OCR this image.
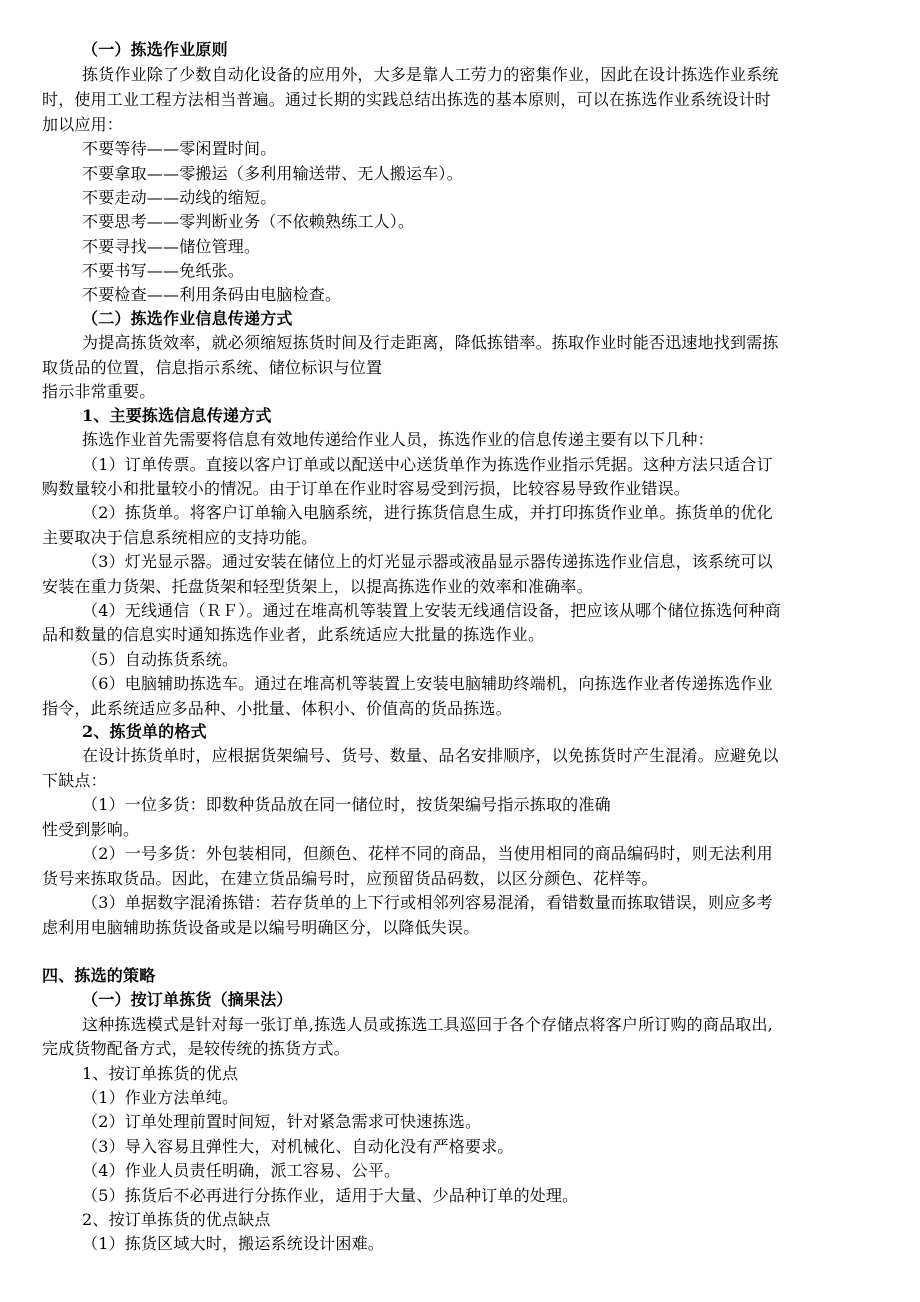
（一）拣选作业原则
拣货作业除了少数自动化设备的应用外，大多是靠人工劳力的密集作业，因此在设计拣选作业系统
时，使用工业工程方法相当普遍。通过长期的实践总结出拣选的基本原则，可以在拣选作业系统设计时
加以应用：
不要等待——零闲置时间。
不要拿取——零搬运（多利用输送带、无人搬运车）。
不要走动——动线的缩短。
不要思考——零判断业务（不依赖熟练工人）。
不要寻找——储位管理。
不要书写——免纸张。
不要检查——利用条码由电脑检查。
（二）拣选作业信息传递方式
为提高拣货效率，就必须缩短拣货时间及行走距离，降低拣错率。拣取作业时能否迅速地找到需拣
取货品的位置，信息指示系统、储位标识与位置
指示非常重要。
1、主要拣选信息传递方式
拣选作业首先需要将信息有效地传递给作业人员，拣选作业的信息传递主要有以下几种：
（1）订单传票。直接以客户订单或以配送中心送货单作为拣选作业指示凭据。这种方法只适合订
购数量较小和批量较小的情况。由于订单在作业时容易受到污损，比较容易导致作业错误。
（2）拣货单。将客户订单输入电脑系统，进行拣货信息生成，并打印拣货作业单。拣货单的优化
主要取决于信息系统相应的支持功能。
（3）灯光显示器。通过安装在储位上的灯光显示器或液晶显示器传递拣选作业信息，该系统可以
安装在重力货架、托盘货架和轻型货架上，以提高拣选作业的效率和准确率。
（4）无线通信（ＲＦ）。通过在堆高机等装置上安装无线通信设备，把应该从哪个储位拣选何种商
品和数量的信息实时通知拣选作业者，此系统适应大批量的拣选作业。
（5）自动拣货系统。
（6）电脑辅助拣选车。通过在堆高机等装置上安装电脑辅助终端机，向拣选作业者传递拣选作业
指令，此系统适应多品种、小批量、体积小、价值高的货品拣选。
2、拣货单的格式
在设计拣货单时，应根据货架编号、货号、数量、品名安排顺序，以免拣货时产生混淆。应避免以
下缺点：
（1）一位多货：即数种货品放在同一储位时，按货架编号指示拣取的准确
性受到影响。
（2）一号多货：外包装相同，但颜色、花样不同的商品，当使用相同的商品编码时，则无法利用
货号来拣取货品。因此，在建立货品编号时，应预留货品码数，以区分颜色、花样等。
（3）单据数字混淆拣错：若存货单的上下行或相邻列容易混淆，看错数量而拣取错误，则应多考
虑利用电脑辅助拣货设备或是以编号明确区分，以降低失误。
四、拣选的策略
（一）按订单拣货（摘果法）
这种拣选模式是针对每一张订单,拣选人员或拣选工具巡回于各个存储点将客户所订购的商品取出,
完成货物配备方式，是较传统的拣货方式。
1、按订单拣货的优点
（1）作业方法单纯。
（2）订单处理前置时间短，针对紧急需求可快速拣选。
（3）导入容易且弹性大，对机械化、自动化没有严格要求。
（4）作业人员责任明确，派工容易、公平。
（5）拣货后不必再进行分拣作业，适用于大量、少品种订单的处理。
2、按订单拣货的优点缺点
（1）拣货区域大时，搬运系统设计困难。
